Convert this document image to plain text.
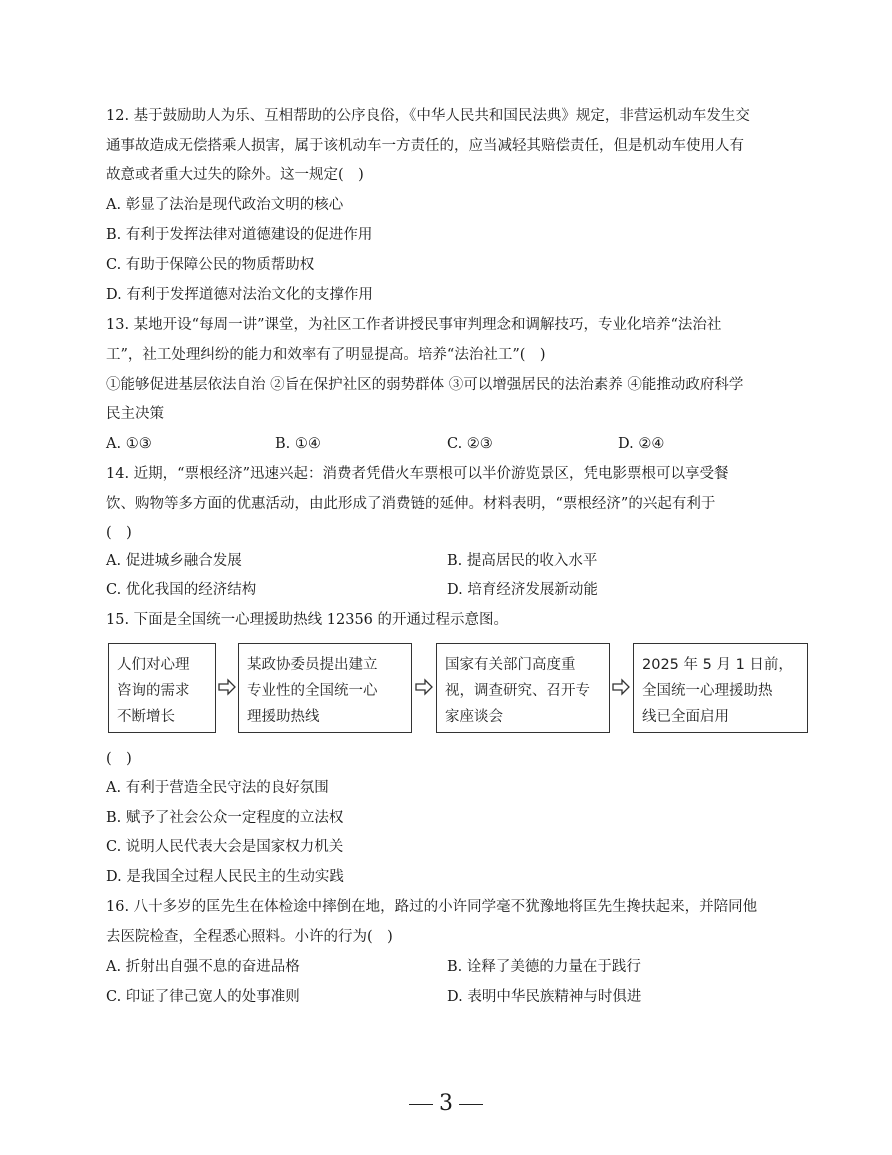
12. 基于鼓励助人为乐、互相帮助的公序良俗，《中华人民共和国民法典》规定，非营运机动车发生交
通事故造成无偿搭乘人损害，属于该机动车一方责任的，应当减轻其赔偿责任，但是机动车使用人有
故意或者重大过失的除外。这一规定(　)
A. 彰显了法治是现代政治文明的核心
B. 有利于发挥法律对道德建设的促进作用
C. 有助于保障公民的物质帮助权
D. 有利于发挥道德对法治文化的支撑作用
13. 某地开设“每周一讲”课堂，为社区工作者讲授民事审判理念和调解技巧，专业化培养“法治社
工”，社工处理纠纷的能力和效率有了明显提高。培养“法治社工”(　)
①能够促进基层依法自治 ②旨在保护社区的弱势群体 ③可以增强居民的法治素养 ④能推动政府科学
民主决策
A. ①③	B. ①④	C. ②③	D. ②④
14. 近期，“票根经济”迅速兴起：消费者凭借火车票根可以半价游览景区，凭电影票根可以享受餐
饮、购物等多方面的优惠活动，由此形成了消费链的延伸。材料表明，“票根经济”的兴起有利于
(　)
A. 促进城乡融合发展	B. 提高居民的收入水平
C. 优化我国的经济结构	D. 培育经济发展新动能
15. 下面是全国统一心理援助热线 12356 的开通过程示意图。
人们对心理
咨询的需求
不断增长
某政协委员提出建立
专业性的全国统一心
理援助热线
国家有关部门高度重
视，调查研究、召开专
家座谈会
2025 年 5 月 1 日前，
全国统一心理援助热
线已全面启用
(　)
A. 有利于营造全民守法的良好氛围
B. 赋予了社会公众一定程度的立法权
C. 说明人民代表大会是国家权力机关
D. 是我国全过程人民民主的生动实践
16. 八十多岁的匡先生在体检途中摔倒在地，路过的小许同学毫不犹豫地将匡先生搀扶起来，并陪同他
去医院检查，全程悉心照料。小许的行为(　)
A. 折射出自强不息的奋进品格	B. 诠释了美德的力量在于践行
C. 印证了律己宽人的处事准则	D. 表明中华民族精神与时俱进
3
